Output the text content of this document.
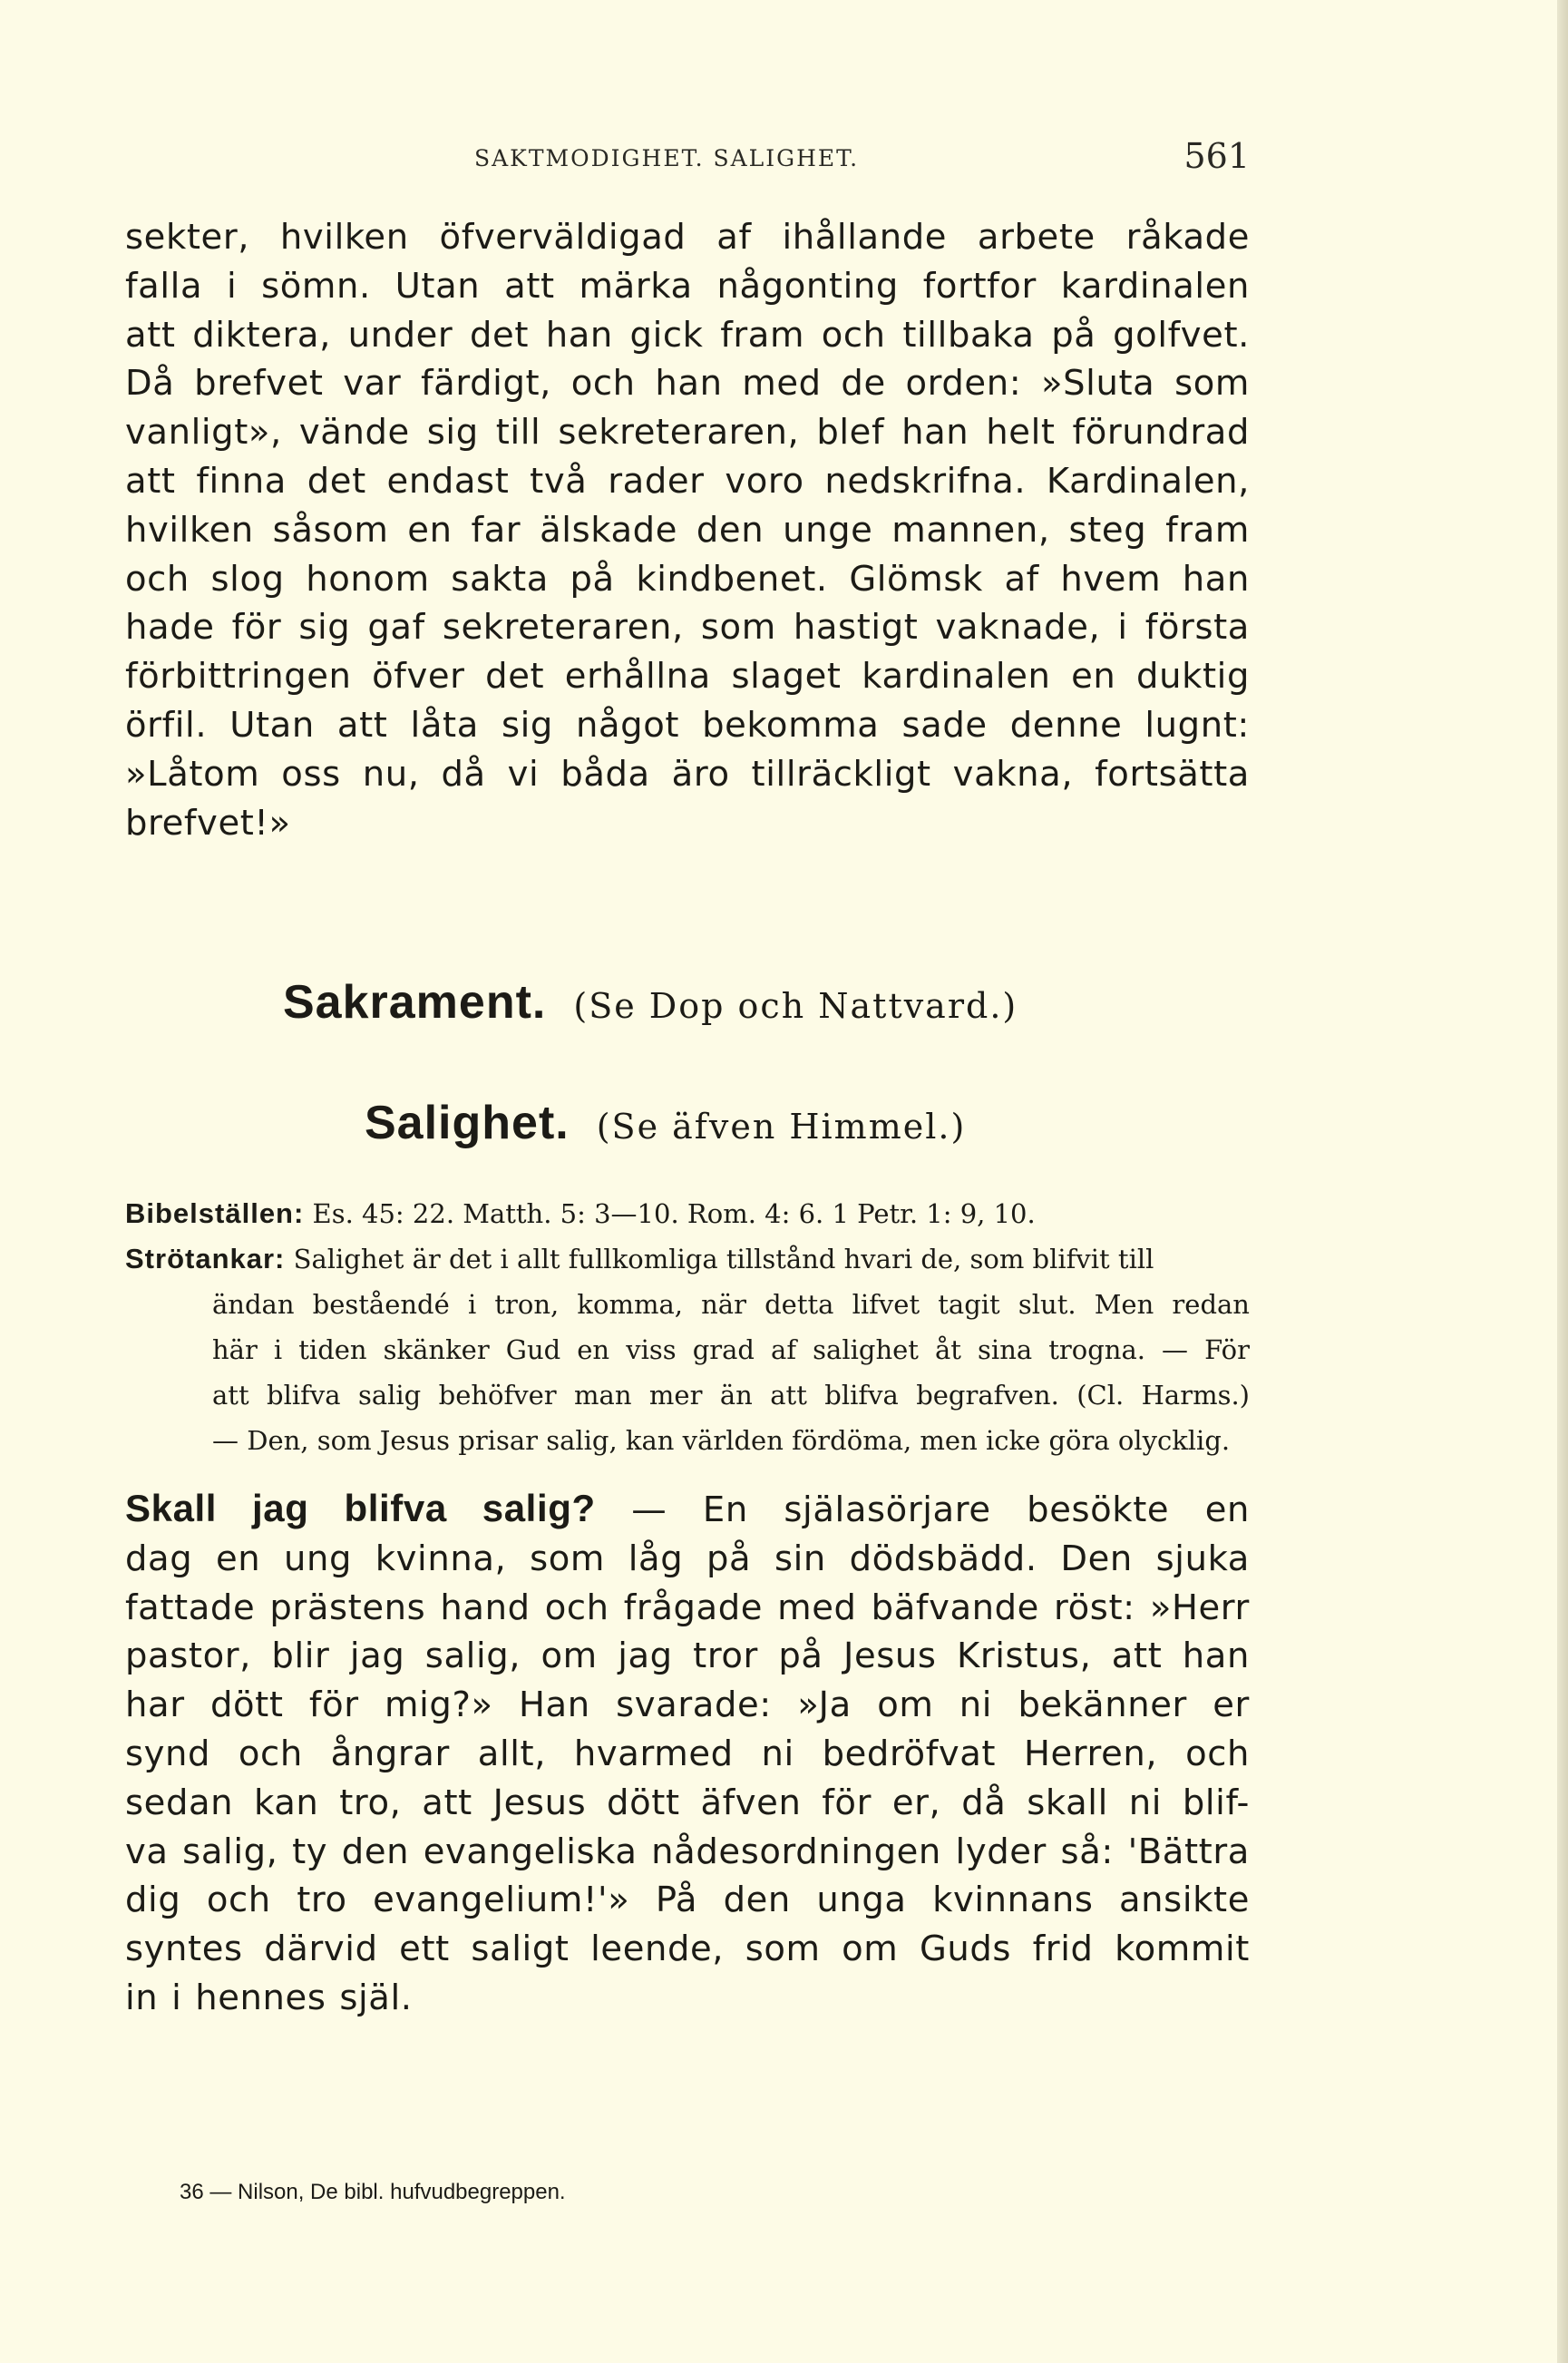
SAKTMODIGHET. SALIGHET.	561

sekter, hvilken öfverväldigad af ihållande arbete råkade
falla i sömn. Utan att märka någonting fortfor kardinalen
att diktera, under det han gick fram och tillbaka på golfvet.
Då brefvet var färdigt, och han med de orden: »Sluta som
vanligt», vände sig till sekreteraren, blef han helt förundrad
att finna det endast två rader voro nedskrifna. Kardinalen,
hvilken såsom en far älskade den unge mannen, steg fram
och slog honom sakta på kindbenet. Glömsk af hvem han
hade för sig gaf sekreteraren, som hastigt vaknade, i första
förbittringen öfver det erhållna slaget kardinalen en duktig
örfil. Utan att låta sig något bekomma sade denne lugnt:
»Låtom oss nu, då vi båda äro tillräckligt vakna, fortsätta
brefvet!»

Sakrament. (Se Dop och Nattvard.)
Salighet. (Se äfven Himmel.)
Bibelställen: Es. 45: 22. Matth. 5: 3—10. Rom. 4: 6. 1 Petr. 1: 9, 10.
Strötankar: Salighet är det i allt fullkomliga tillstånd hvari de, som blifvit till
ändan beståendé i tron, komma, när detta lifvet tagit slut. Men redan
här i tiden skänker Gud en viss grad af salighet åt sina trogna. — För
att blifva salig behöfver man mer än att blifva begrafven. (Cl. Harms.)
— Den, som Jesus prisar salig, kan världen fördöma, men icke göra olycklig.

Skall jag blifva salig? — En själasörjare besökte en
dag en ung kvinna, som låg på sin dödsbädd. Den sjuka
fattade prästens hand och frågade med bäfvande röst: »Herr
pastor, blir jag salig, om jag tror på Jesus Kristus, att han
har dött för mig?» Han svarade: »Ja om ni bekänner er
synd och ångrar allt, hvarmed ni bedröfvat Herren, och
sedan kan tro, att Jesus dött äfven för er, då skall ni blif-
va salig, ty den evangeliska nådesordningen lyder så: 'Bättra
dig och tro evangelium!'» På den unga kvinnans ansikte
syntes därvid ett saligt leende, som om Guds frid kommit
in i hennes själ.

36 — Nilson, De bibl. hufvudbegreppen.
